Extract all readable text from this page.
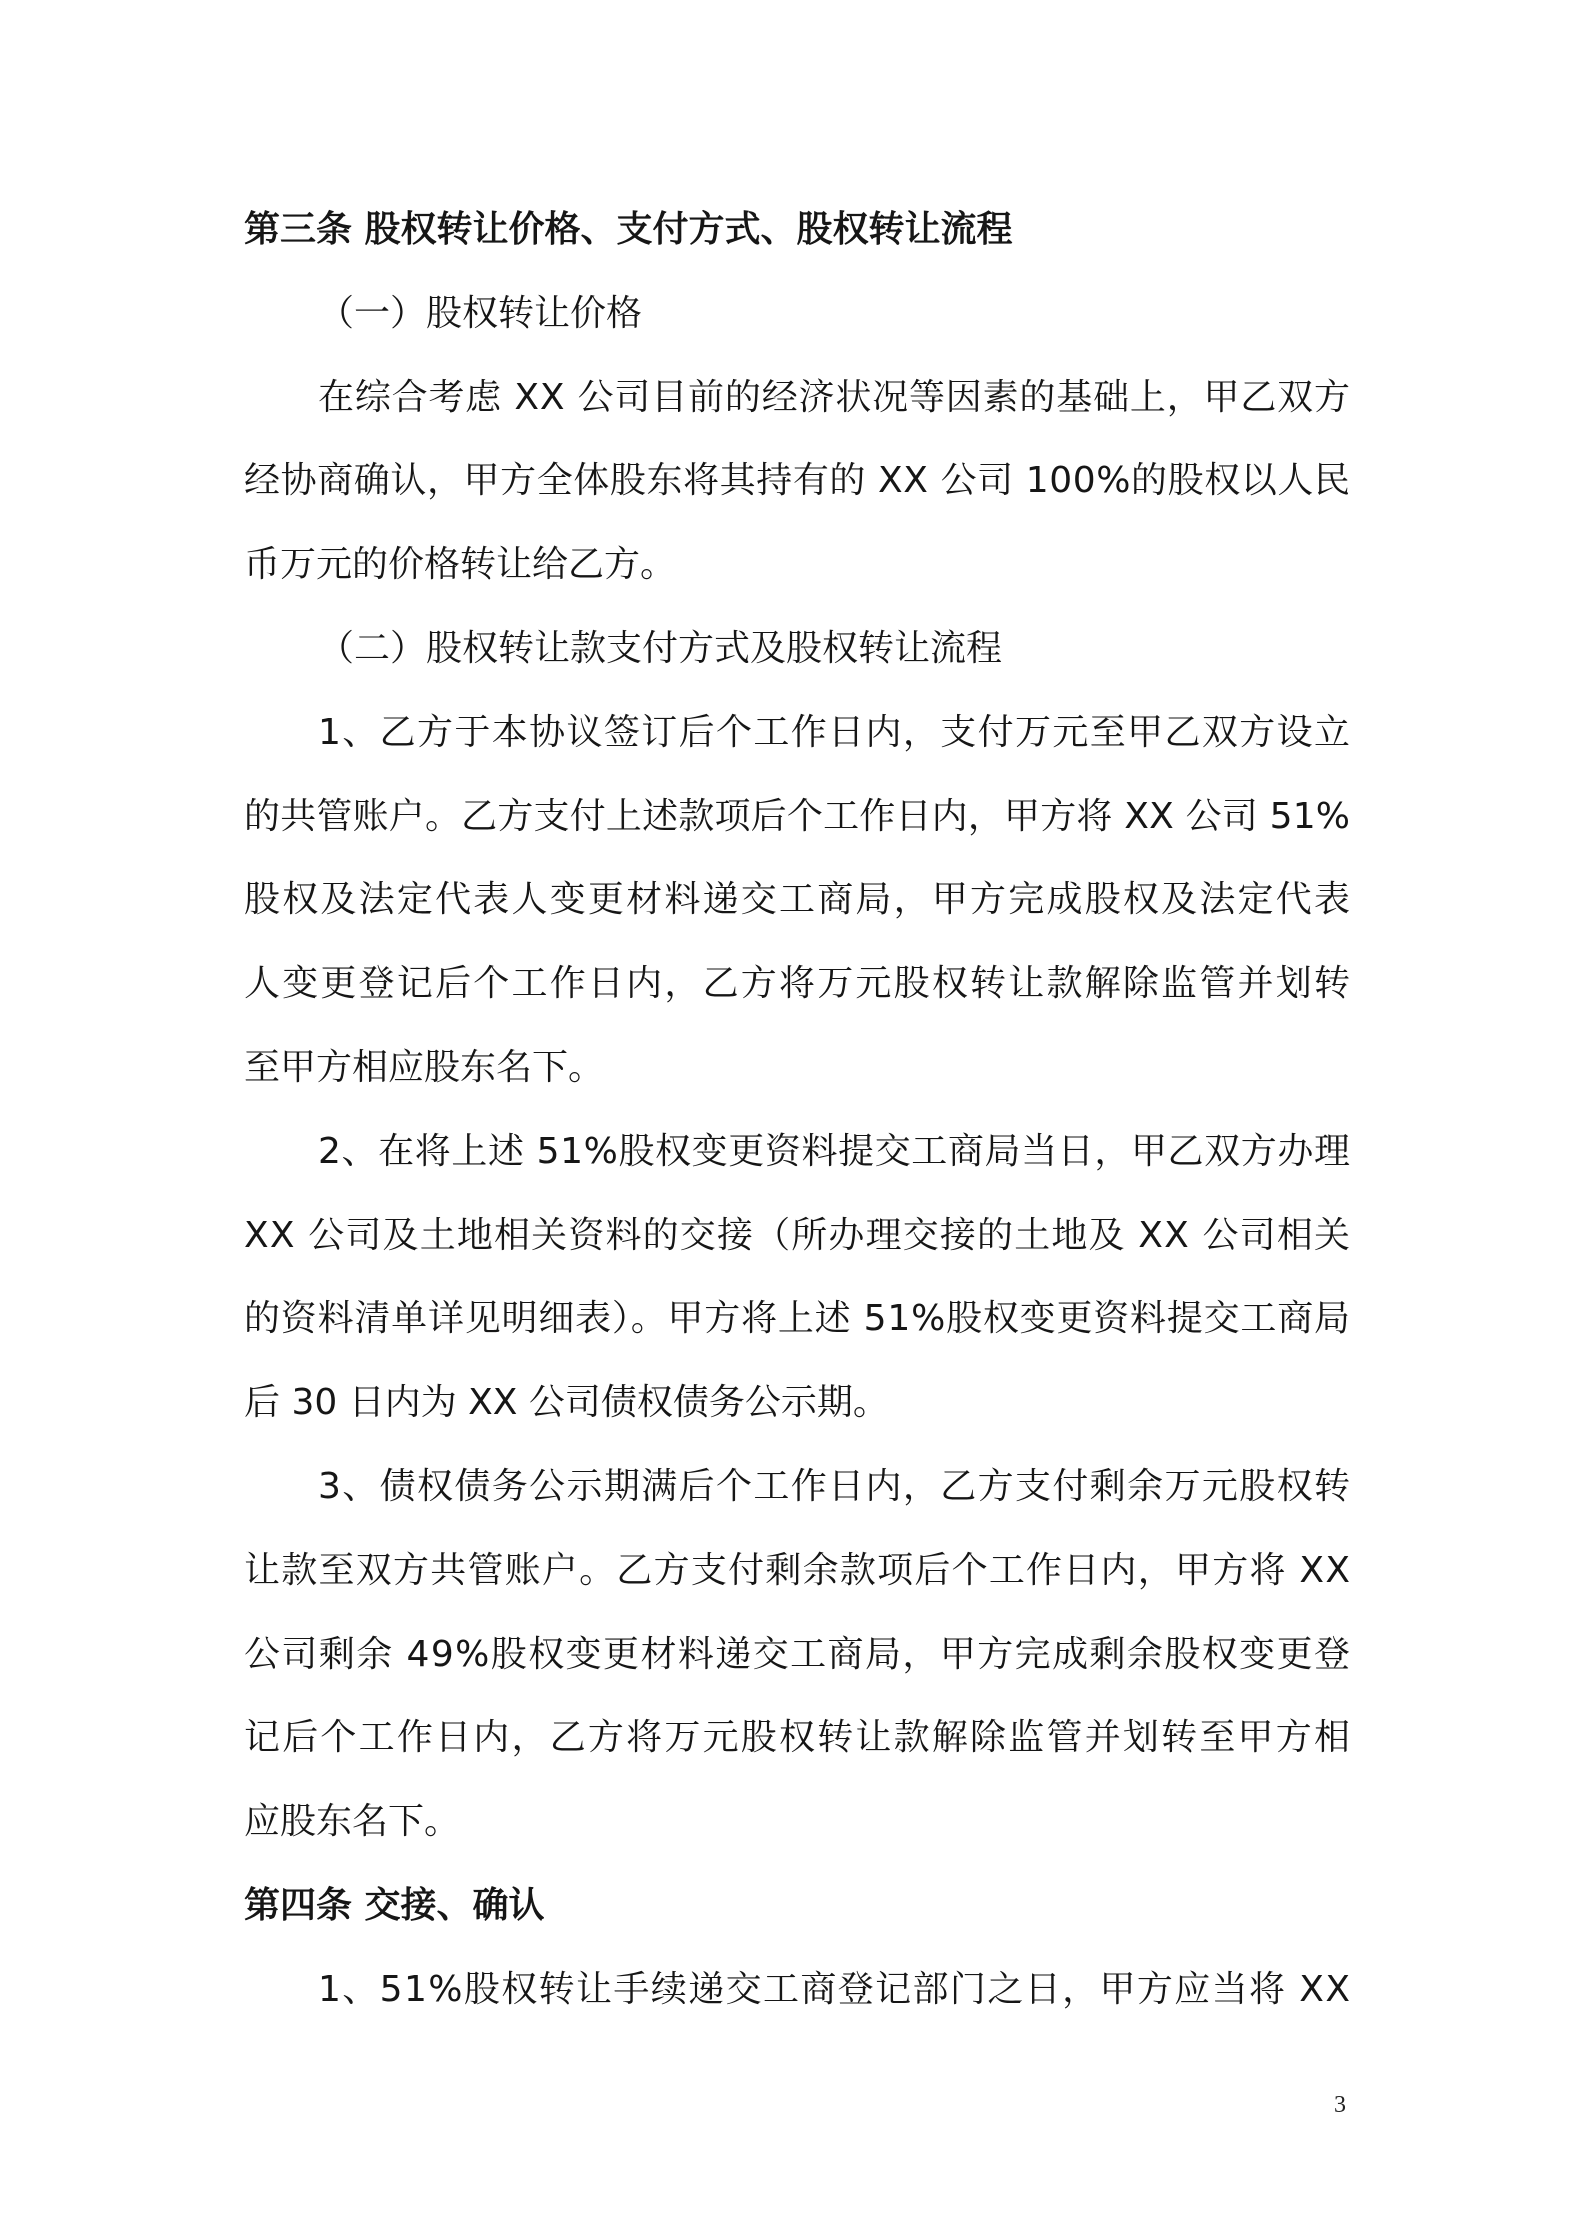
第三条 股权转让价格、支付方式、股权转让流程
（一）股权转让价格
在综合考虑 XX 公司目前的经济状况等因素的基础上，甲乙双方
经协商确认，甲方全体股东将其持有的 XX 公司 100%的股权以人民
币万元的价格转让给乙方。
（二）股权转让款支付方式及股权转让流程
1、乙方于本协议签订后个工作日内，支付万元至甲乙双方设立
的共管账户。乙方支付上述款项后个工作日内，甲方将 XX 公司 51%
股权及法定代表人变更材料递交工商局，甲方完成股权及法定代表
人变更登记后个工作日内，乙方将万元股权转让款解除监管并划转
至甲方相应股东名下。
2、在将上述 51%股权变更资料提交工商局当日，甲乙双方办理
XX 公司及土地相关资料的交接（所办理交接的土地及 XX 公司相关
的资料清单详见明细表）。甲方将上述 51%股权变更资料提交工商局
后 30 日内为 XX 公司债权债务公示期。
3、债权债务公示期满后个工作日内，乙方支付剩余万元股权转
让款至双方共管账户。乙方支付剩余款项后个工作日内，甲方将 XX
公司剩余 49%股权变更材料递交工商局，甲方完成剩余股权变更登
记后个工作日内，乙方将万元股权转让款解除监管并划转至甲方相
应股东名下。
第四条 交接、确认
1、51%股权转让手续递交工商登记部门之日，甲方应当将 XX
3
